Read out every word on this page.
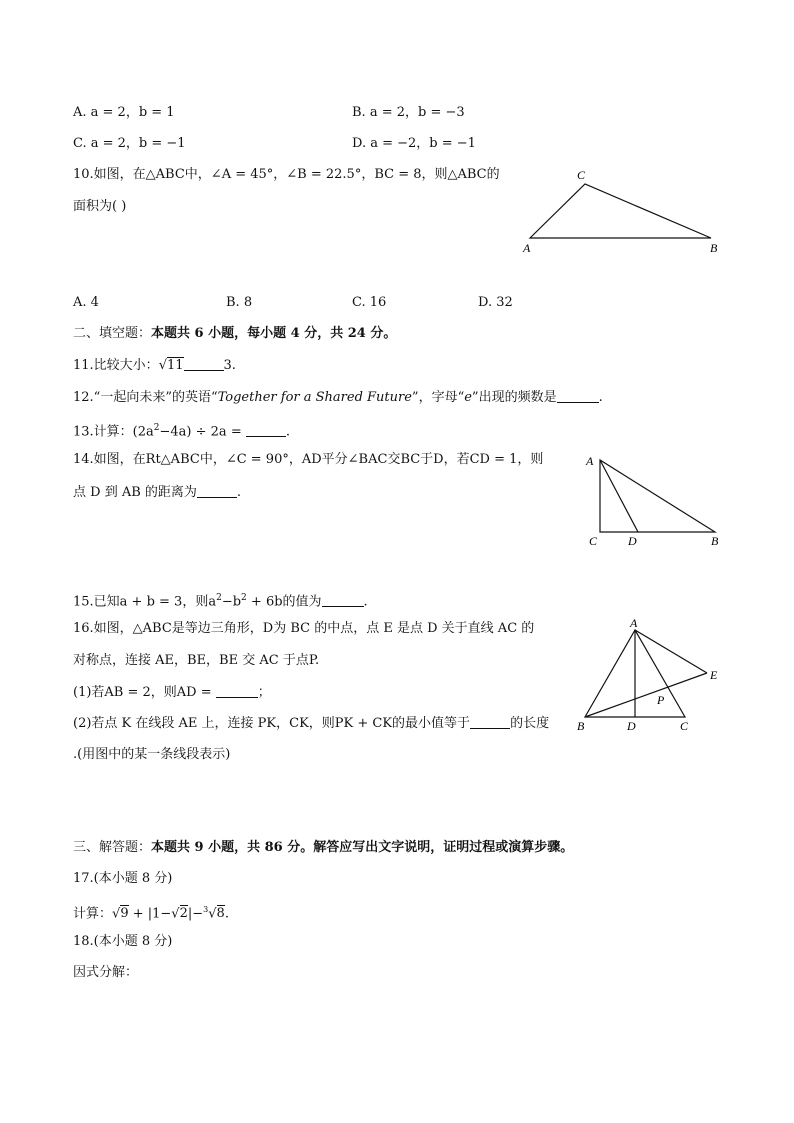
A. a = 2，b = 1	B. a = 2，b = −3
C. a = 2，b = −1	D. a = −2，b = −1
10.如图，在△ABC中，∠A = 45°，∠B = 22.5°，BC = 8，则△ABC的
面积为( )
C
A	B
A. 4	B. 8	C. 16	D. 32
二、填空题：本题共 6 小题，每小题 4 分，共 24 分。
11.比较大小：√11	3.
12.“一起向未来”的英语“Together for a Shared Future”，字母“e”出现的频数是	.
13.计算：$(2a^2-4a) \div 2a$ =	.
14.如图，在Rt△ABC中，∠C = 90°，AD平分∠BAC交BC于D，若CD = 1，则
点 D 到 AB 的距离为	.
A
C	D	B
15.已知a + b = 3，则$a^2-b^2 + 6b$的值为	.
16.如图，△ABC是等边三角形，D为 BC 的中点，点 E 是点 D 关于直线 AC 的
对称点，连接 AE，BE，BE 交 AC 于点P.
(1)若AB = 2，则AD =	；
(2)若点 K 在线段 AE 上，连接 PK，CK，则PK + CK的最小值等于	的长度
.(用图中的某一条线段表示)
A
E
P
B	D	C
三、解答题：本题共 9 小题，共 86 分。解答应写出文字说明，证明过程或演算步骤。
17.(本小题 8 分)
计算：√9 + |1−√2|−$^3$√8.
18.(本小题 8 分)
因式分解：
